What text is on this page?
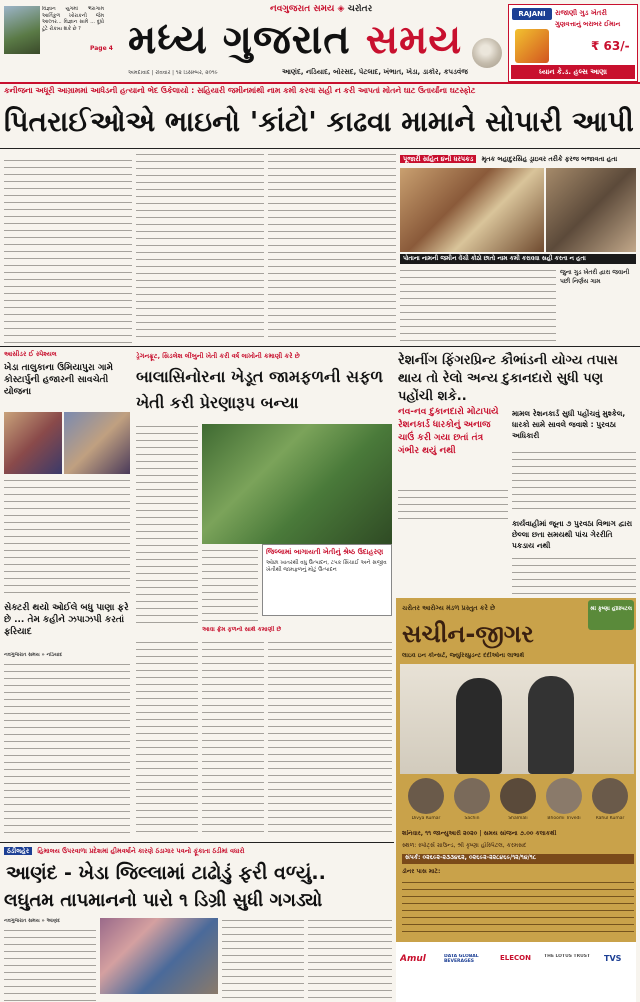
વિજ્ઞાન યુગમાં ભૈરાગામ આર્તિકુળ ખોરાકની જેમ આલ્તર... વિજ્ઞાન સામે ... દૂધો ટૂટે રોકાય શકે છે ?
Page 4
નવગુજરાત સમય ◈ ચરોતર
મધ્ય ગુજરાત સમય
અમદાવાદ | રવિવાર | ૧૨ ડિસેમ્બર, ૨૦૧૯	આણંદ, નડિયાદ, બોરસદ, પેટલાદ, ખંભાત, ખેડા, ડાકોર, કપડવંજ
RAJANI	રાજાણી ગુડ ખેતરી
ગુણવત્તાનું બરાબર ઈમાન
₹ 63/-
ધ્યાન કે.ડ. હલ્સ આણા
કનીજના અધૂરી આગ્રામમાં આધેડની હત્યાનો ભેદ ઉકેલાયો : સહિયારી જમીનમાંથી નામ કમી કરવા સહી ન કરી આપતાં મોતને ઘાટ ઉતાર્યાંના ઘટસ્ફોટ
પિતરાઈઓએ ભાઇનો 'કાંટો' કાઢવા મામાને સોપારી આપી
પૂજારી સહિત ૪ની ધરપકડ મૃતક બહાદુરસિંહ ડ્રાઇવર તરીકે ફરજ બજાવતા હતા
પોતાના નામની જમીન વેંચી કોઠો છાતો નામ કમી કરાવવા સહી કરતા ન હતા
જુના ગુડ ખેતરી દ્વારા જવાની પછી નિર્ણય ગામ
આસીડર ઈ સ્પેશ્યલ
ખેડા તાલુકાના ઉમિયાપુરા ગામે કોસ્ટાર્પુની હજારની સાવચેતી યોજના
સેક્ટરી થયો ઓઈલે બધુ પાણા ફરે છે ... તેમ કહીને ઝપાઝપી કરતાં ફરિયાદ
નવગુજરાત સમય » નડિયાદ
ડ્રેગનફ્રૂટ, સિડલેશ લીંબુની ખેતી કરી વર્ષ લાખોની કમાણી કરે છે
બાલાસિનોરના ખેડૂત જામફળની સફળ ખેતી કરી પ્રેરણારૂપ બન્યા
જિલ્લામાં બાગાયતી ખેતીનું શ્રેષ્ઠ ઉદાહરણ
ઓછા ખાતરથી વધુ ઉત્પાદન, ટપક સિંચાઈ અને સજીવ ખેતીથી જામફળનું મોટું ઉત્પાદન
આવા ફ્રેમ ફળનો સાથે કમાણી છે
રેશનીંગ ફિંગરપ્રિન્ટ કૌભાંડની યોગ્ય તપાસ થાય તો રેલો અન્ય દુકાનદારો સુધી પણ પહોંચી શકે..
નવ-નવ દુકાનદારો મોટાપાયે રેશનકાર્ડ ધારકોનું અનાજ ચાઉં કરી ગયા છતાં તંત્ર ગંભીર થયું નથી
મામલ રેશનકાર્ડ સુધી પહોંચવું મુશ્કેલ, ધારકો સામે સાવલે જવાશે : પુરવઠા અધિકારી
કાર્યવાહીમાં જૂના ૭ પુરવઠા વિભાગ દ્વારા છેલ્લા છતા સમયથી પાંચ ગેરરીતિ પકડાય નથી
ચરોતર આરોગ્ય મંડળ પ્રસ્તુત કરે છે	શ્રી કૃષ્ણા હૉસ્પિટલ
સચીન-જીગર
લાઇવ ઇન કોન્સર્ટ, જ્યુરિસ્પ્રુડન્ટ દર્દીઓના લાભાર્થે
Divya Kumar	Sachin	Shalmali	Bhoomi Trivedi	Rahul Kumar
શનિવાર, ૧૧ જાન્યુઆરી ૨૦૨૦ | સમય સાંજના ૭.૦૦ કલાકથી
સ્થળ: સ્પોર્ટ્સ ગ્રાઉન્ડ, શ્રી કૃષ્ણા હૉસ્પિટલ, કરમસદ
સંપર્ક: ૦૨૬૯૨-૨૩૩૪૬૨, ૦૨૬૯૨-૨૨૮૪૬૯/૧૨/૧૪/૧૮
ડોનર પાસ માટે:
Amul	DATA GLOBAL BEVERAGES	ELECON	THE LOTUS TRUST	TVS
ઠંડીલહેર હિમાલય ઉપરવાળા પ્રદેશમાં હીમવર્ષાને કારણે ઠંડાગાર પવનો ફૂંકાતા ઠંડીમાં વધારો
આણંદ - ખેડા જિલ્લામાં ટાઢોડું ફરી વળ્યું..
લઘુતમ તાપમાનનો પારો ૧ ડિગ્રી સુધી ગગડ્યો
નવગુજરાત સમય » આણંદ
